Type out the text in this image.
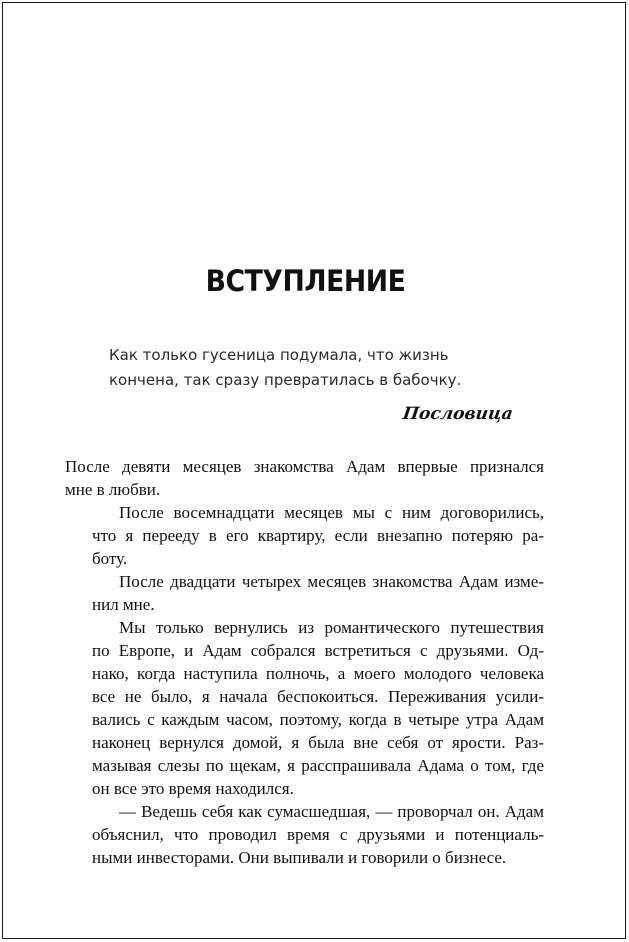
ВСТУПЛЕНИЕ
Как только гусеница подумала, что жизнь
кончена, так сразу превратилась в бабочку.
Пословица
После девяти месяцев знакомства Адам впервые признался
мне в любви.
После восемнадцати месяцев мы с ним договорились,
что я перееду в его квартиру, если внезапно потеряю ра-
боту.
После двадцати четырех месяцев знакомства Адам изме-
нил мне.
Мы только вернулись из романтического путешествия
по Европе, и Адам собрался встретиться с друзьями. Од-
нако, когда наступила полночь, а моего молодого человека
все не было, я начала беспокоиться. Переживания усили-
вались с каждым часом, поэтому, когда в четыре утра Адам
наконец вернулся домой, я была вне себя от ярости. Раз-
мазывая слезы по щекам, я расспрашивала Адама о том, где
он все это время находился.
— Ведешь себя как сумасшедшая, — проворчал он. Адам
объяснил, что проводил время с друзьями и потенциаль-
ными инвесторами. Они выпивали и говорили о бизнесе.
